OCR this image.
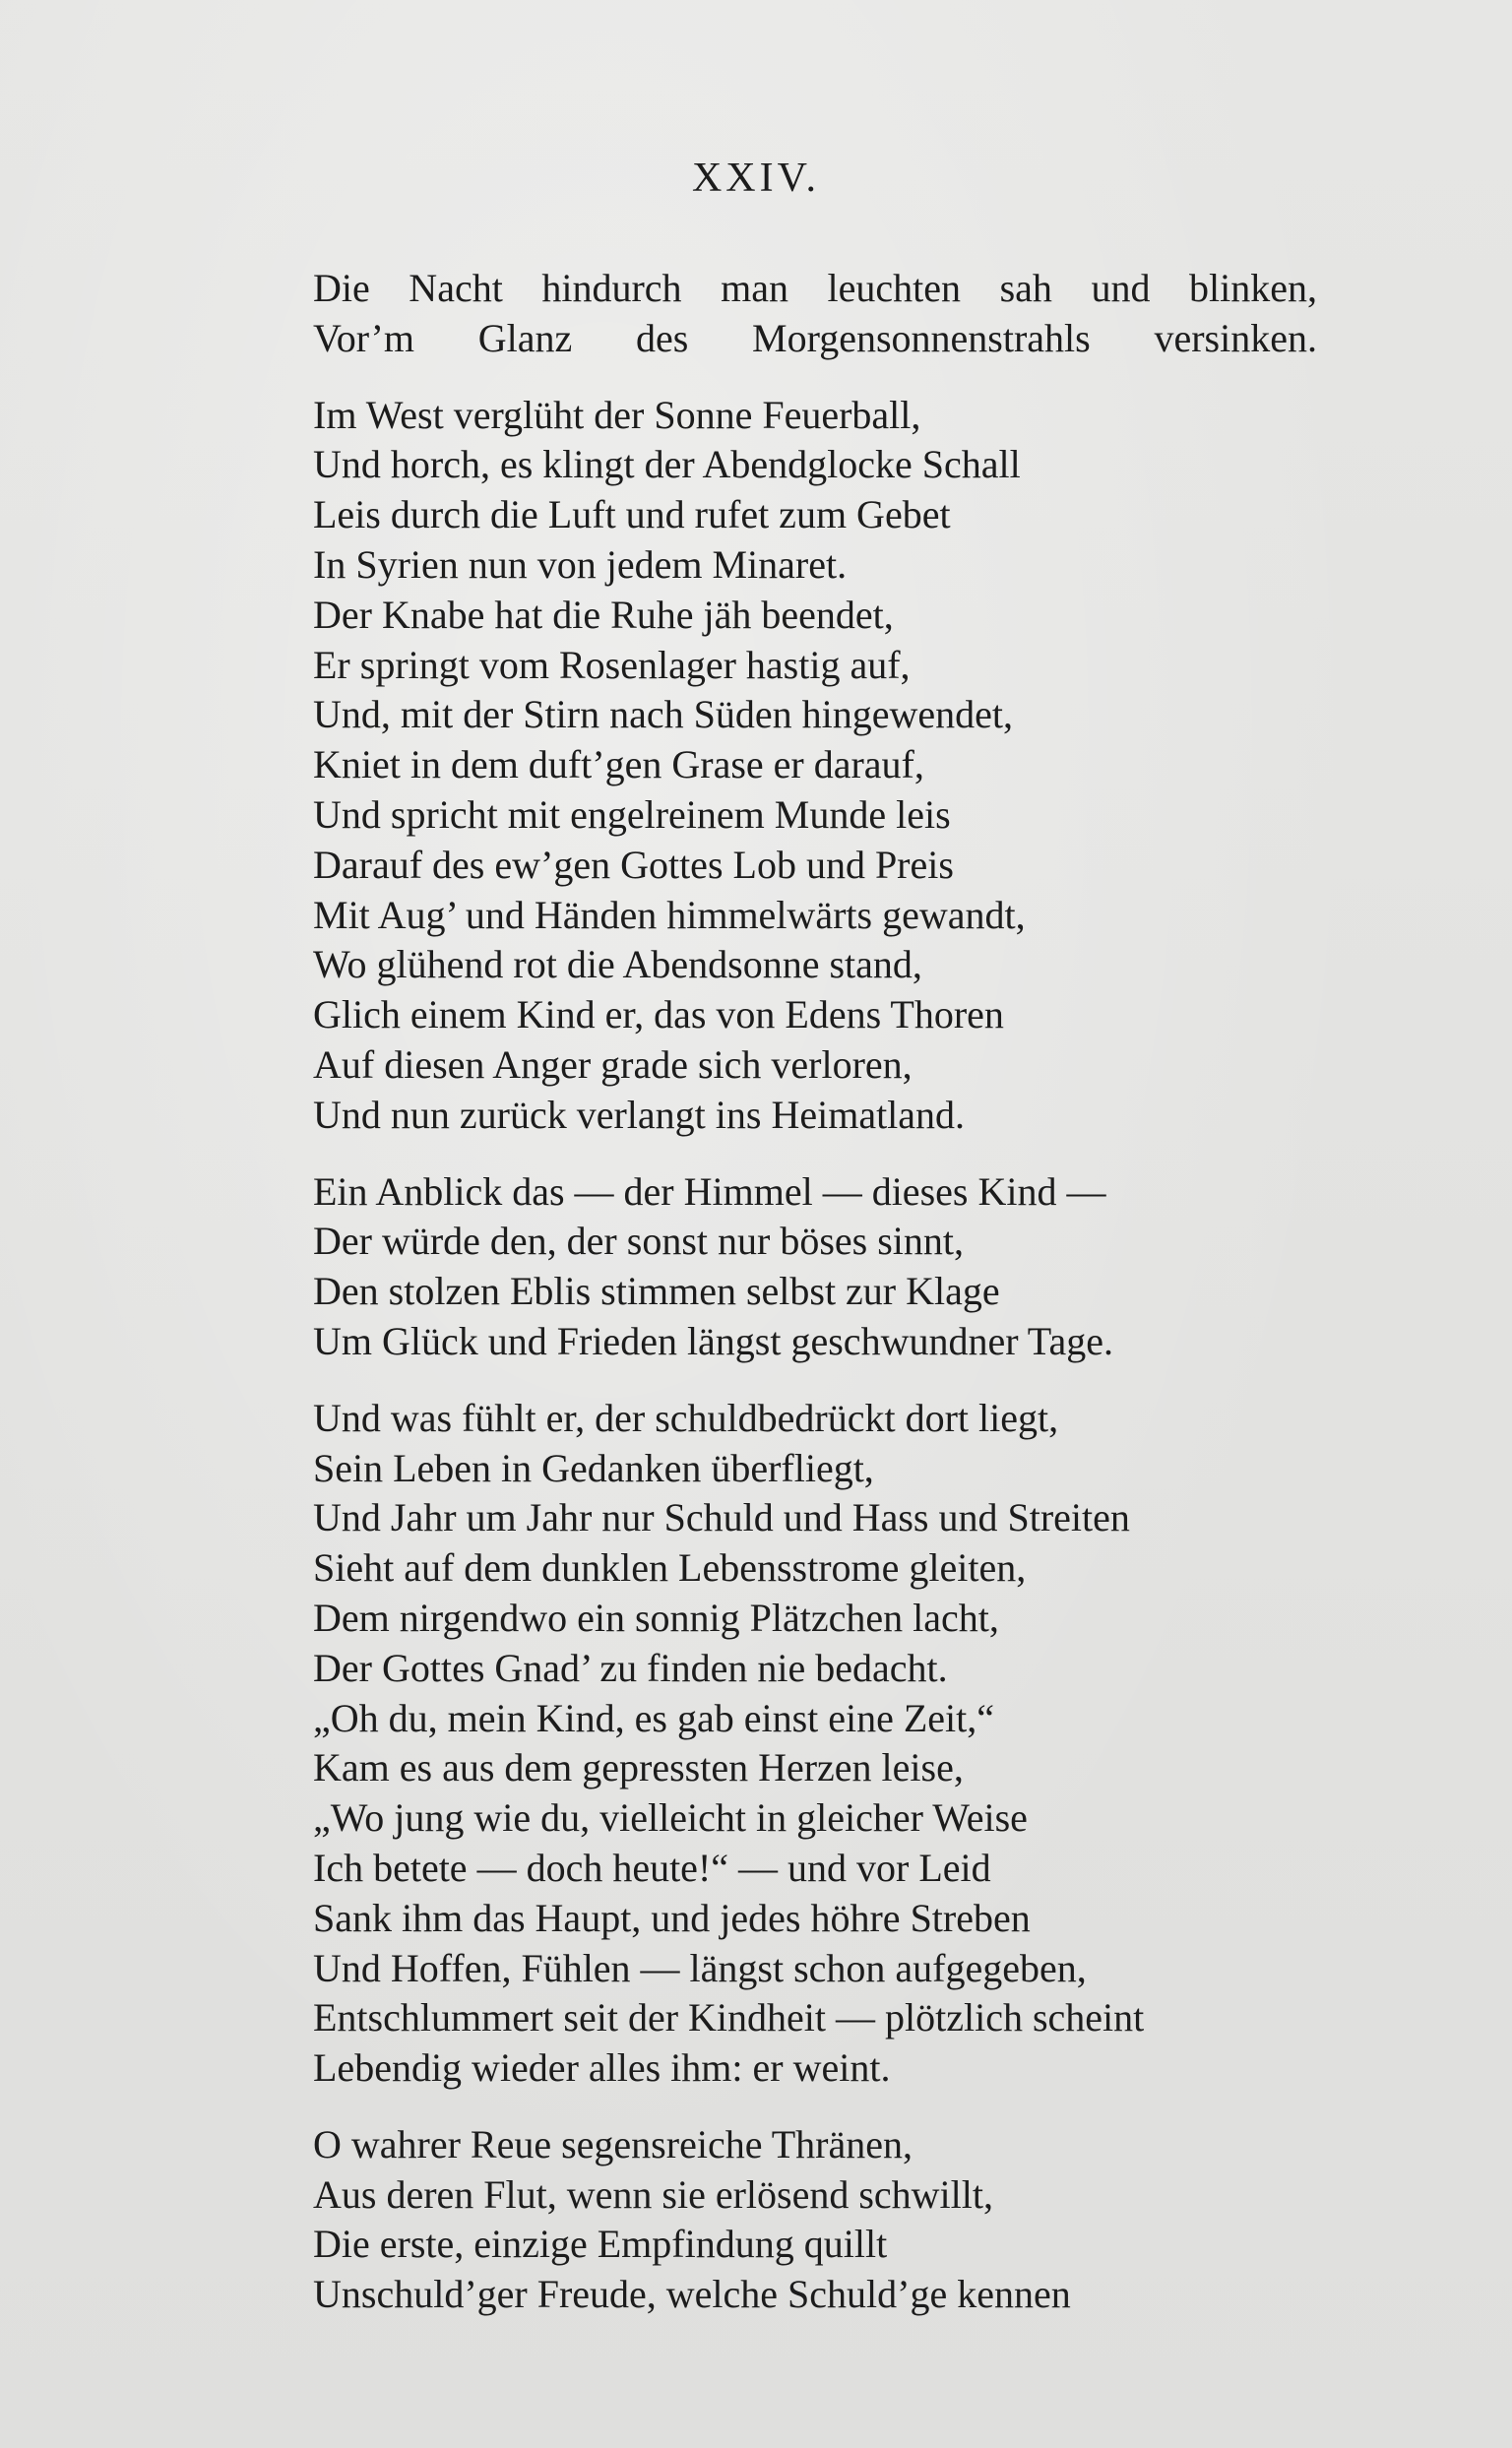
XXIV.
Die Nacht hindurch man leuchten sah und blinken,
Vor’m Glanz des Morgensonnenstrahls versinken.
Im West verglüht der Sonne Feuerball,
Und horch, es klingt der Abendglocke Schall
Leis durch die Luft und rufet zum Gebet
In Syrien nun von jedem Minaret.
Der Knabe hat die Ruhe jäh beendet,
Er springt vom Rosenlager hastig auf,
Und, mit der Stirn nach Süden hingewendet,
Kniet in dem duft’gen Grase er darauf,
Und spricht mit engelreinem Munde leis
Darauf des ew’gen Gottes Lob und Preis
Mit Aug’ und Händen himmelwärts gewandt,
Wo glühend rot die Abendsonne stand,
Glich einem Kind er, das von Edens Thoren
Auf diesen Anger grade sich verloren,
Und nun zurück verlangt ins Heimatland.
Ein Anblick das — der Himmel — dieses Kind —
Der würde den, der sonst nur böses sinnt,
Den stolzen Eblis stimmen selbst zur Klage
Um Glück und Frieden längst geschwundner Tage.
Und was fühlt er, der schuldbedrückt dort liegt,
Sein Leben in Gedanken überfliegt,
Und Jahr um Jahr nur Schuld und Hass und Streiten
Sieht auf dem dunklen Lebensstrome gleiten,
Dem nirgendwo ein sonnig Plätzchen lacht,
Der Gottes Gnad’ zu finden nie bedacht.
„Oh du, mein Kind, es gab einst eine Zeit,“
Kam es aus dem gepressten Herzen leise,
„Wo jung wie du, vielleicht in gleicher Weise
Ich betete — doch heute!“ — und vor Leid
Sank ihm das Haupt, und jedes höhre Streben
Und Hoffen, Fühlen — längst schon aufgegeben,
Entschlummert seit der Kindheit — plötzlich scheint
Lebendig wieder alles ihm: er weint.
O wahrer Reue segensreiche Thränen,
Aus deren Flut, wenn sie erlösend schwillt,
Die erste, einzige Empfindung quillt
Unschuld’ger Freude, welche Schuld’ge kennen
